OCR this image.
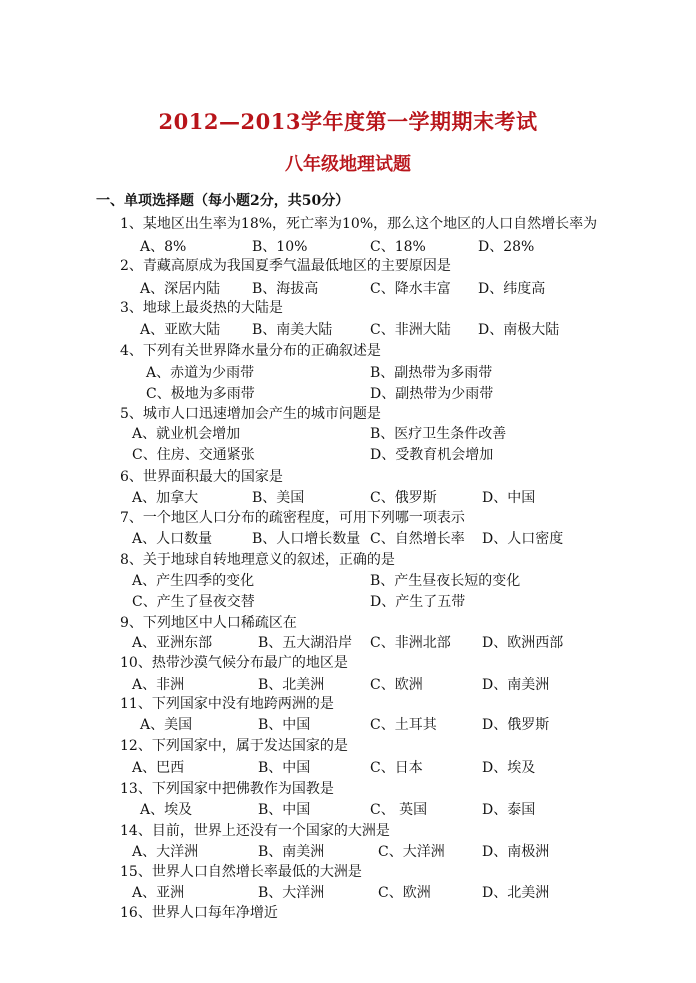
2012—2013学年度第一学期期末考试
八年级地理试题
一、单项选择题（每小题2分，共50分）
1、某地区出生率为18%，死亡率为10%，那么这个地区的人口自然增长率为
A、8%	B、10%	C、18%	D、28%
2、青藏高原成为我国夏季气温最低地区的主要原因是
A、深居内陆 B、海拔高	C、降水丰富 D、纬度高
3、地球上最炎热的大陆是
A、亚欧大陆 B、南美大陆	C、非洲大陆 D、南极大陆
4、下列有关世界降水量分布的正确叙述是
A、赤道为少雨带	B、副热带为多雨带
C、极地为多雨带	D、副热带为少雨带
5、城市人口迅速增加会产生的城市问题是
A、就业机会增加	B、医疗卫生条件改善
C、住房、交通紧张	D、受教育机会增加
6、世界面积最大的国家是
A、加拿大	B、美国	C、俄罗斯	D、中国
7、一个地区人口分布的疏密程度，可用下列哪一项表示
A、人口数量	B、人口增长数量 C、自然增长率 D、人口密度
8、关于地球自转地理意义的叙述，正确的是
A、产生四季的变化	B、产生昼夜长短的变化
C、产生了昼夜交替	D、产生了五带
9、下列地区中人口稀疏区在
A、亚洲东部	B、五大湖沿岸 C、非洲北部 D、欧洲西部
10、热带沙漠气候分布最广的地区是
A、非洲	B、北美洲	C、欧洲	D、南美洲
11、下列国家中没有地跨两洲的是
A、美国	B、中国	C、土耳其	D、俄罗斯
12、下列国家中，属于发达国家的是
A、巴西	B、中国	C、日本	D、埃及
13、下列国家中把佛教作为国教是
A、埃及	B、中国	C、 英国	D、泰国
14、目前，世界上还没有一个国家的大洲是
A、大洋洲	B、南美洲	C、大洋洲	D、南极洲
15、世界人口自然增长率最低的大洲是
A、亚洲	B、大洋洲	C、欧洲	D、北美洲
16、世界人口每年净增近
